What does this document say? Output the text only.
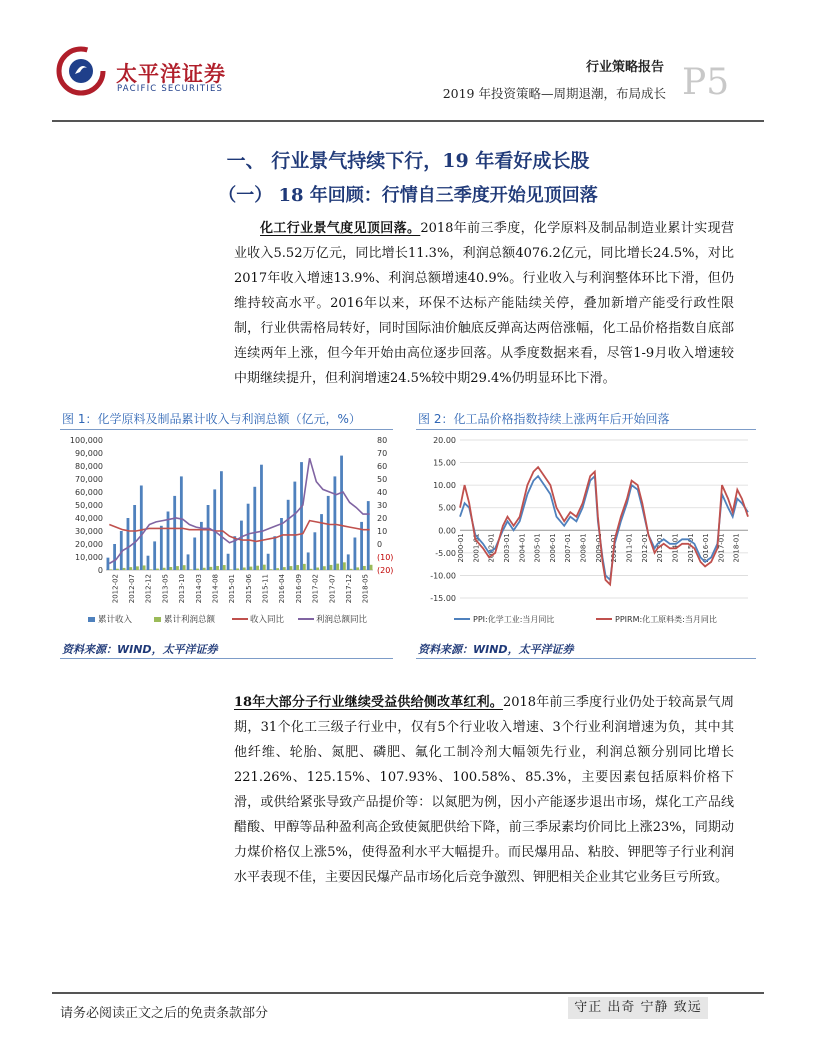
太平洋证券
PACIFIC SECURITIES
行业策略报告
2019 年投资策略—周期退潮，布局成长 P5
一、 行业景气持续下行，19 年看好成长股
（一） 18 年回顾：行情自三季度开始见顶回落
化工行业景气度见顶回落。2018年前三季度，化学原料及制品制造业累计实现营业收入5.52万亿元，同比增长11.3%，利润总额4076.2亿元，同比增长24.5%，对比2017年收入增速13.9%、利润总额增速40.9%。行业收入与利润整体环比下滑，但仍维持较高水平。2016年以来，环保不达标产能陆续关停，叠加新增产能受行政性限制，行业供需格局转好，同时国际油价触底反弹高达两倍涨幅，化工品价格指数自底部连续两年上涨，但今年开始由高位逐步回落。从季度数据来看，尽管1-9月收入增速较中期继续提升，但利润增速24.5%较中期29.4%仍明显环比下滑。
图 1：化学原料及制品累计收入与利润总额（亿元，%）
100,000
90,000
80,000
70,000
60,000
50,000
40,000
30,000
20,000
10,000
0
80
70
60
50
40
30
20
10
0
(10)
(20)
2012-02 2012-07 2012-12 2013-05 2013-10 2014-03 2014-08 2015-01 2015-06 2015-11 2016-04 2016-09 2017-02 2017-07 2017-12 2018-05
累计收入	累计利润总额	收入同比	利润总额同比
资料来源：WIND，太平洋证券
图 2：化工品价格指数持续上涨两年后开始回落
20.00
15.00
10.00
5.00
0.00
-5.00
-10.00
-15.00
2000-01 2001-01 2002-01 2003-01 2004-01 2005-01 2006-01 2007-01 2008-01 2009-01 2010-01 2011-01 2012-01 2013-01 2014-01 2015-01 2016-01 2017-01 2018-01
PPI:化学工业:当月同比	PPIRM:化工原料类:当月同比
资料来源：WIND，太平洋证券
18年大部分子行业继续受益供给侧改革红利。2018年前三季度行业仍处于较高景气周期，31个化工三级子行业中，仅有5个行业收入增速、3个行业利润增速为负，其中其他纤维、轮胎、氮肥、磷肥、氟化工制冷剂大幅领先行业，利润总额分别同比增长221.26%、125.15%、107.93%、100.58%、85.3%，主要因素包括原料价格下滑，或供给紧张导致产品提价等：以氮肥为例，因小产能逐步退出市场，煤化工产品线醋酸、甲醇等品种盈利高企致使氮肥供给下降，前三季尿素均价同比上涨23%，同期动力煤价格仅上涨5%，使得盈利水平大幅提升。而民爆用品、粘胶、钾肥等子行业利润水平表现不佳，主要因民爆产品市场化后竞争激烈、钾肥相关企业其它业务巨亏所致。
请务必阅读正文之后的免责条款部分	守正 出奇 宁静 致远
